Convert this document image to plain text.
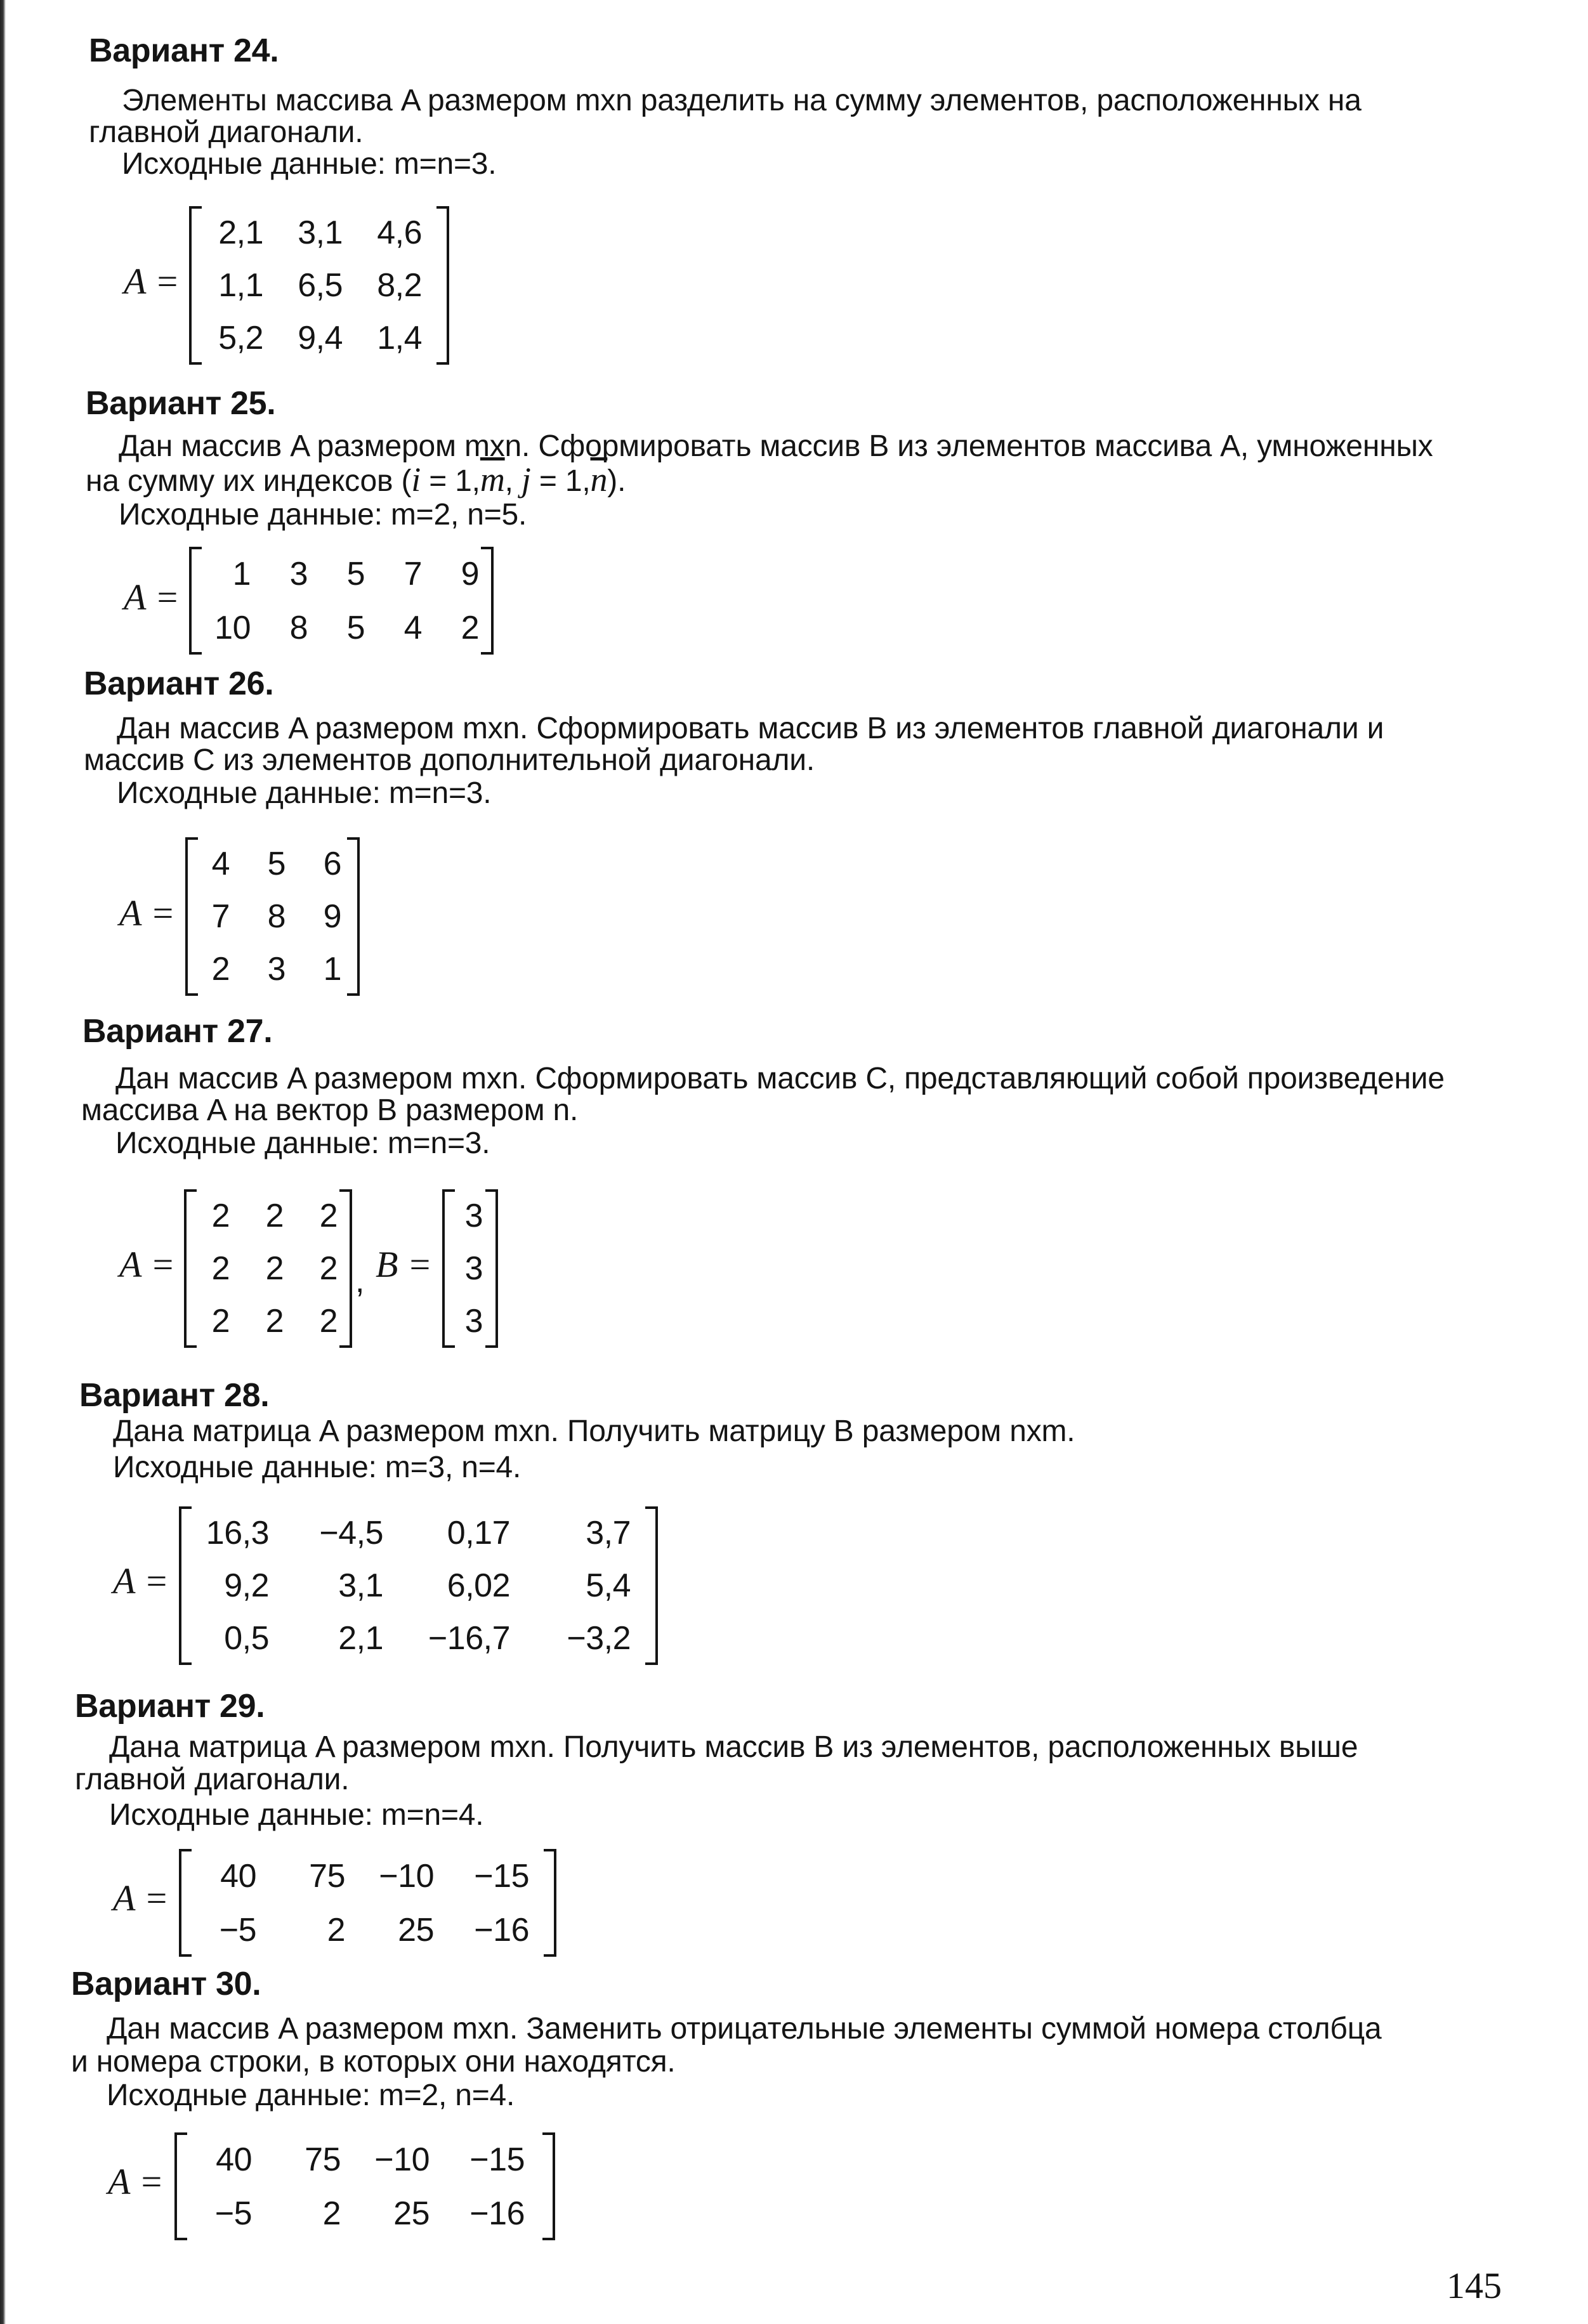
Вариант 24.
Элементы массива A размером mxn разделить на сумму элементов, расположенных на
главной диагонали.
Исходные данные: m=n=3.
A =
2,1	3,1	4,6
1,1	6,5	8,2
5,2	9,4	1,4
Вариант 25.
Дан массив A размером mxn. Сформировать массив B из элементов массива A, умноженных
на сумму их индексов ($i = 1,\overline{m}$, $j = 1,\overline{n}$).
Исходные данные: m=2, n=5.
A =
1	3	5	7	9
10	8	5	4	2
Вариант 26.
Дан массив A размером mxn. Сформировать массив B из элементов главной диагонали и
массив C из элементов дополнительной диагонали.
Исходные данные: m=n=3.
A =
4	5	6
7	8	9
2	3	1
Вариант 27.
Дан массив A размером mxn. Сформировать массив C, представляющий собой произведение
массива A на вектор B размером n.
Исходные данные: m=n=3.
A =
2	2	2
2	2	2
2	2	2
, B =
3
3
3
Вариант 28.
Дана матрица A размером mxn. Получить матрицу B размером nxm.
Исходные данные: m=3, n=4.
A =
16,3	−4,5	0,17	3,7
9,2	3,1	6,02	5,4
0,5	2,1	−16,7	−3,2
Вариант 29.
Дана матрица A размером mxn. Получить массив B из элементов, расположенных выше
главной диагонали.
Исходные данные: m=n=4.
A =
40	75	−10	−15
−5	2	25	−16
Вариант 30.
Дан массив A размером mxn. Заменить отрицательные элементы суммой номера столбца
и номера строки, в которых они находятся.
Исходные данные: m=2, n=4.
A =
40	75	−10	−15
−5	2	25	−16
145
